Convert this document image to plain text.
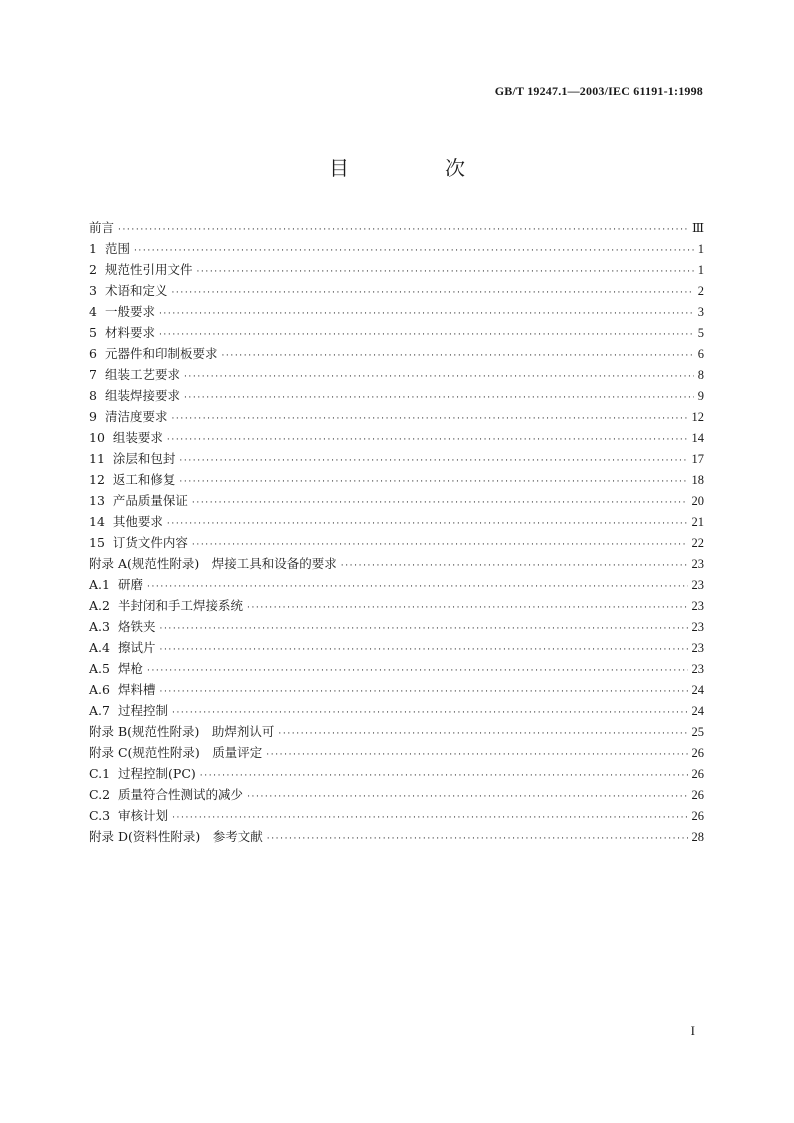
GB/T 19247.1—2003/IEC 61191-1:1998
目　次
前言 ·····	Ⅲ
1 范围 ·····	1
2 规范性引用文件 ·····	1
3 术语和定义 ·····	2
4 一般要求 ·····	3
5 材料要求 ·····	5
6 元器件和印制板要求 ·····	6
7 组装工艺要求 ·····	8
8 组装焊接要求 ·····	9
9 清洁度要求 ·····	12
10 组装要求 ·····	14
11 涂层和包封 ·····	17
12 返工和修复 ·····	18
13 产品质量保证 ·····	20
14 其他要求 ·····	21
15 订货文件内容 ·····	22
附录 A(规范性附录)　焊接工具和设备的要求 ·····	23
A.1 研磨 ·····	23
A.2 半封闭和手工焊接系统 ·····	23
A.3 烙铁夹 ·····	23
A.4 擦试片 ·····	23
A.5 焊枪 ·····	23
A.6 焊料槽 ·····	24
A.7 过程控制 ·····	24
附录 B(规范性附录)　助焊剂认可 ·····	25
附录 C(规范性附录)　质量评定 ·····	26
C.1 过程控制(PC) ·····	26
C.2 质量符合性测试的减少 ·····	26
C.3 审核计划 ·····	26
附录 D(资料性附录)　参考文献 ·····	28
I
